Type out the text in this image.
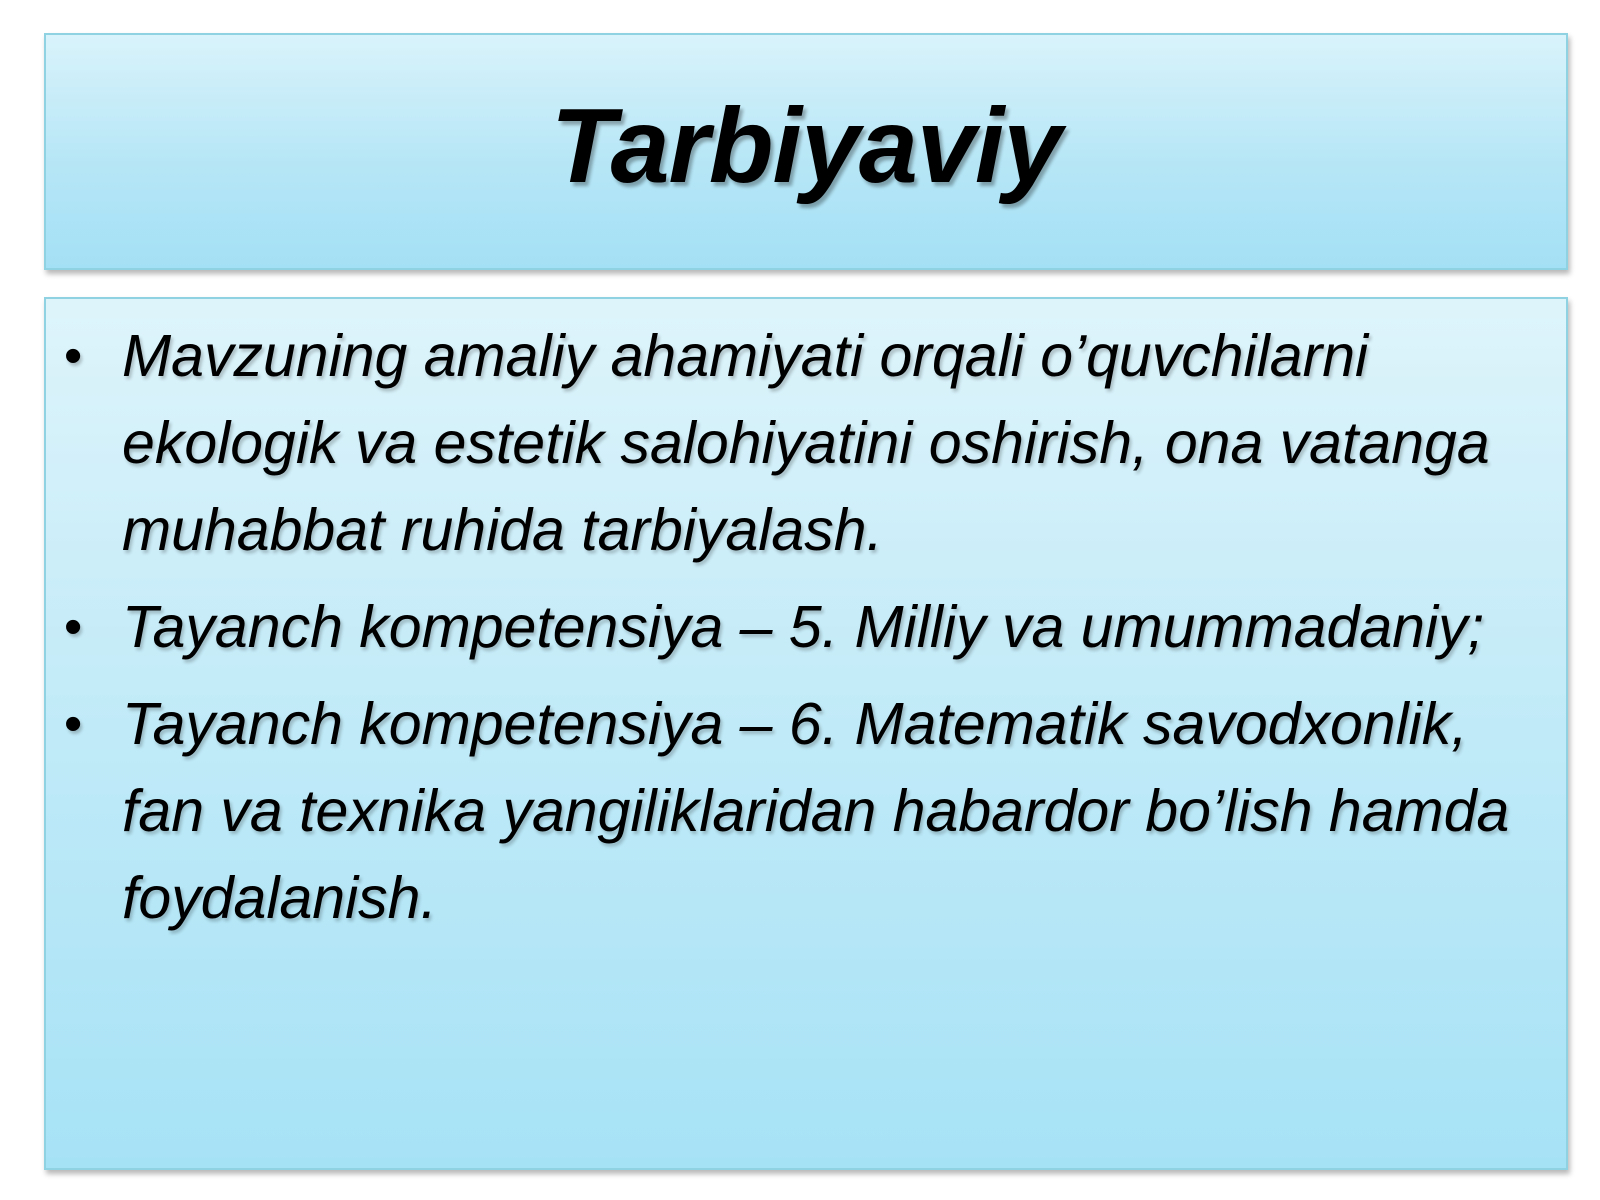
Tarbiyaviy
• Mavzuning amaliy ahamiyati orqali o’quvchilarni ekologik va estetik salohiyatini oshirish, ona vatanga muhabbat ruhida tarbiyalash.
• Tayanch kompetensiya – 5. Milliy va umummadaniy;
• Tayanch kompetensiya – 6. Matematik savodxonlik, fan va texnika yangiliklaridan habardor bo’lish hamda foydalanish.
